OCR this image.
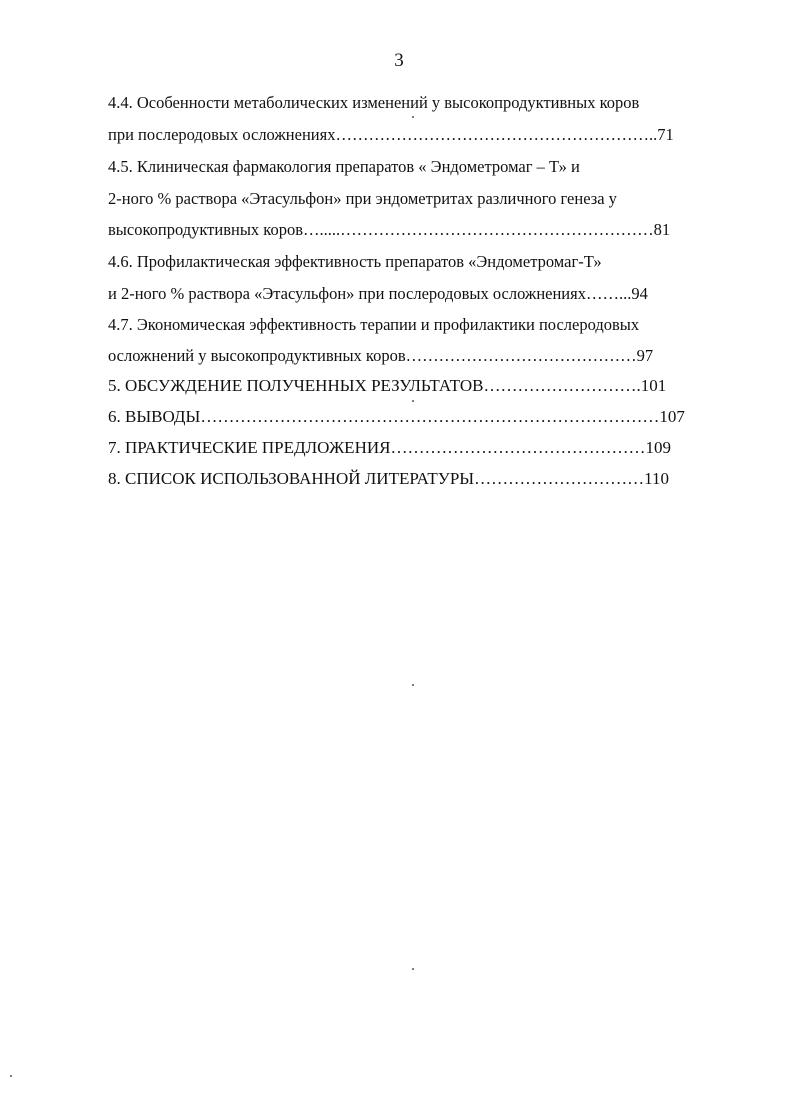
3
4.4. Особенности метаболических изменений у высокопродуктивных коров
при послеродовых осложнениях…………………………………………………..71
4.5. Клиническая фармакология препаратов « Эндометромаг – Т» и
2-ного % раствора «Этасульфон» при эндометритах различного генеза у
высокопродуктивных коров….....…………………………………………………81
4.6. Профилактическая эффективность препаратов «Эндометромаг-Т»
и 2-ного % раствора «Этасульфон» при послеродовых осложнениях……...94
4.7. Экономическая эффективность терапии и профилактики послеродовых
осложнений у высокопродуктивных коров……………………………………97
5. ОБСУЖДЕНИЕ ПОЛУЧЕННЫХ РЕЗУЛЬТАТОВ……………………….101
6. ВЫВОДЫ………………………………………………………………………107
7. ПРАКТИЧЕСКИЕ ПРЕДЛОЖЕНИЯ………………………………………109
8. СПИСОК ИСПОЛЬЗОВАННОЙ ЛИТЕРАТУРЫ…………………………110
